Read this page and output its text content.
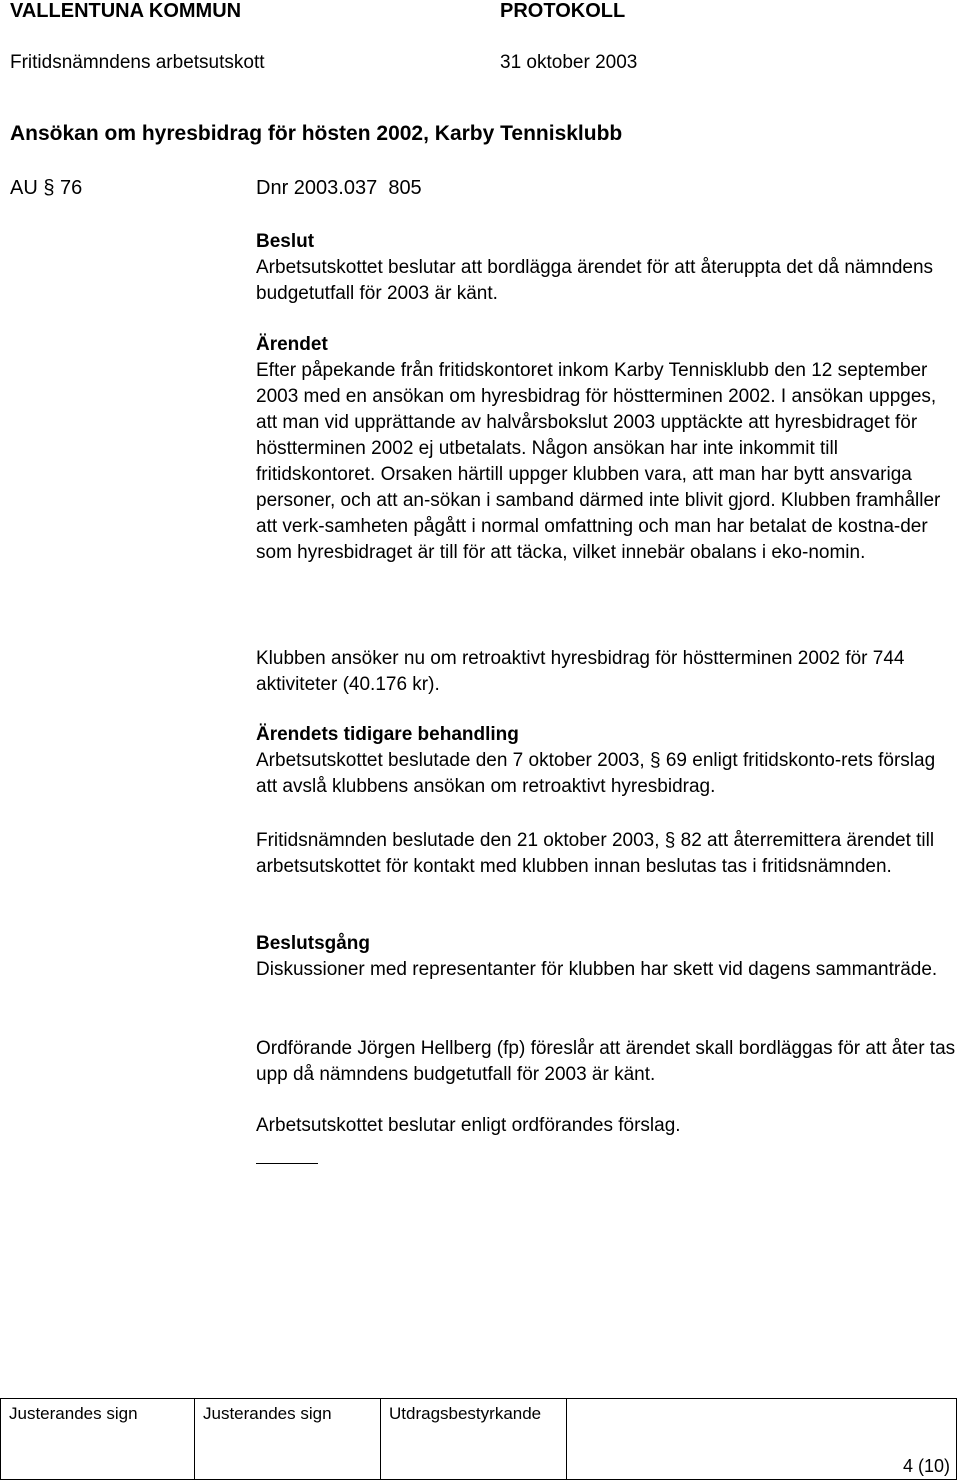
VALLENTUNA KOMMUN	PROTOKOLL
Fritidsnämndens arbetsutskott	31 oktober 2003
Ansökan om hyresbidrag för hösten 2002, Karby Tennisklubb
AU § 76	Dnr 2003.037  805
Beslut

Arbetsutskottet beslutar att bordlägga ärendet för att återuppta det då nämndens budgetutfall för 2003 är känt.

Ärendet

Efter påpekande från fritidskontoret inkom Karby Tennisklubb den 12 september 2003 med en ansökan om hyresbidrag för höstterminen 2002. I ansökan uppges, att man vid upprättande av halvårsbokslut 2003 upptäckte att hyresbidraget för höstterminen 2002 ej utbetalats. Någon ansökan har inte inkommit till fritidskontoret. Orsaken härtill uppger klubben vara, att man har bytt ansvariga personer, och att an-sökan i samband därmed inte blivit gjord. Klubben framhåller att verk-samheten pågått i normal omfattning och man har betalat de kostna-der som hyresbidraget är till för att täcka, vilket innebär obalans i eko-nomin.

Klubben ansöker nu om retroaktivt hyresbidrag för höstterminen 2002 för 744 aktiviteter (40.176 kr).

Ärendets tidigare behandling

Arbetsutskottet beslutade den 7 oktober 2003, § 69 enligt fritidskonto-rets förslag att avslå klubbens ansökan om retroaktivt hyresbidrag.

Fritidsnämnden beslutade den 21 oktober 2003, § 82 att återremittera ärendet till arbetsutskottet för kontakt med klubben innan beslutas tas i fritidsnämnden.

Beslutsgång

Diskussioner med representanter för klubben har skett vid dagens sammanträde.

Ordförande Jörgen Hellberg (fp) föreslår att ärendet skall bordläggas för att åter tas upp då nämndens budgetutfall för 2003 är känt.

Arbetsutskottet beslutar enligt ordförandes förslag.

Justerandes sign	Justerandes sign	Utdragsbestyrkande	
4 (10)
